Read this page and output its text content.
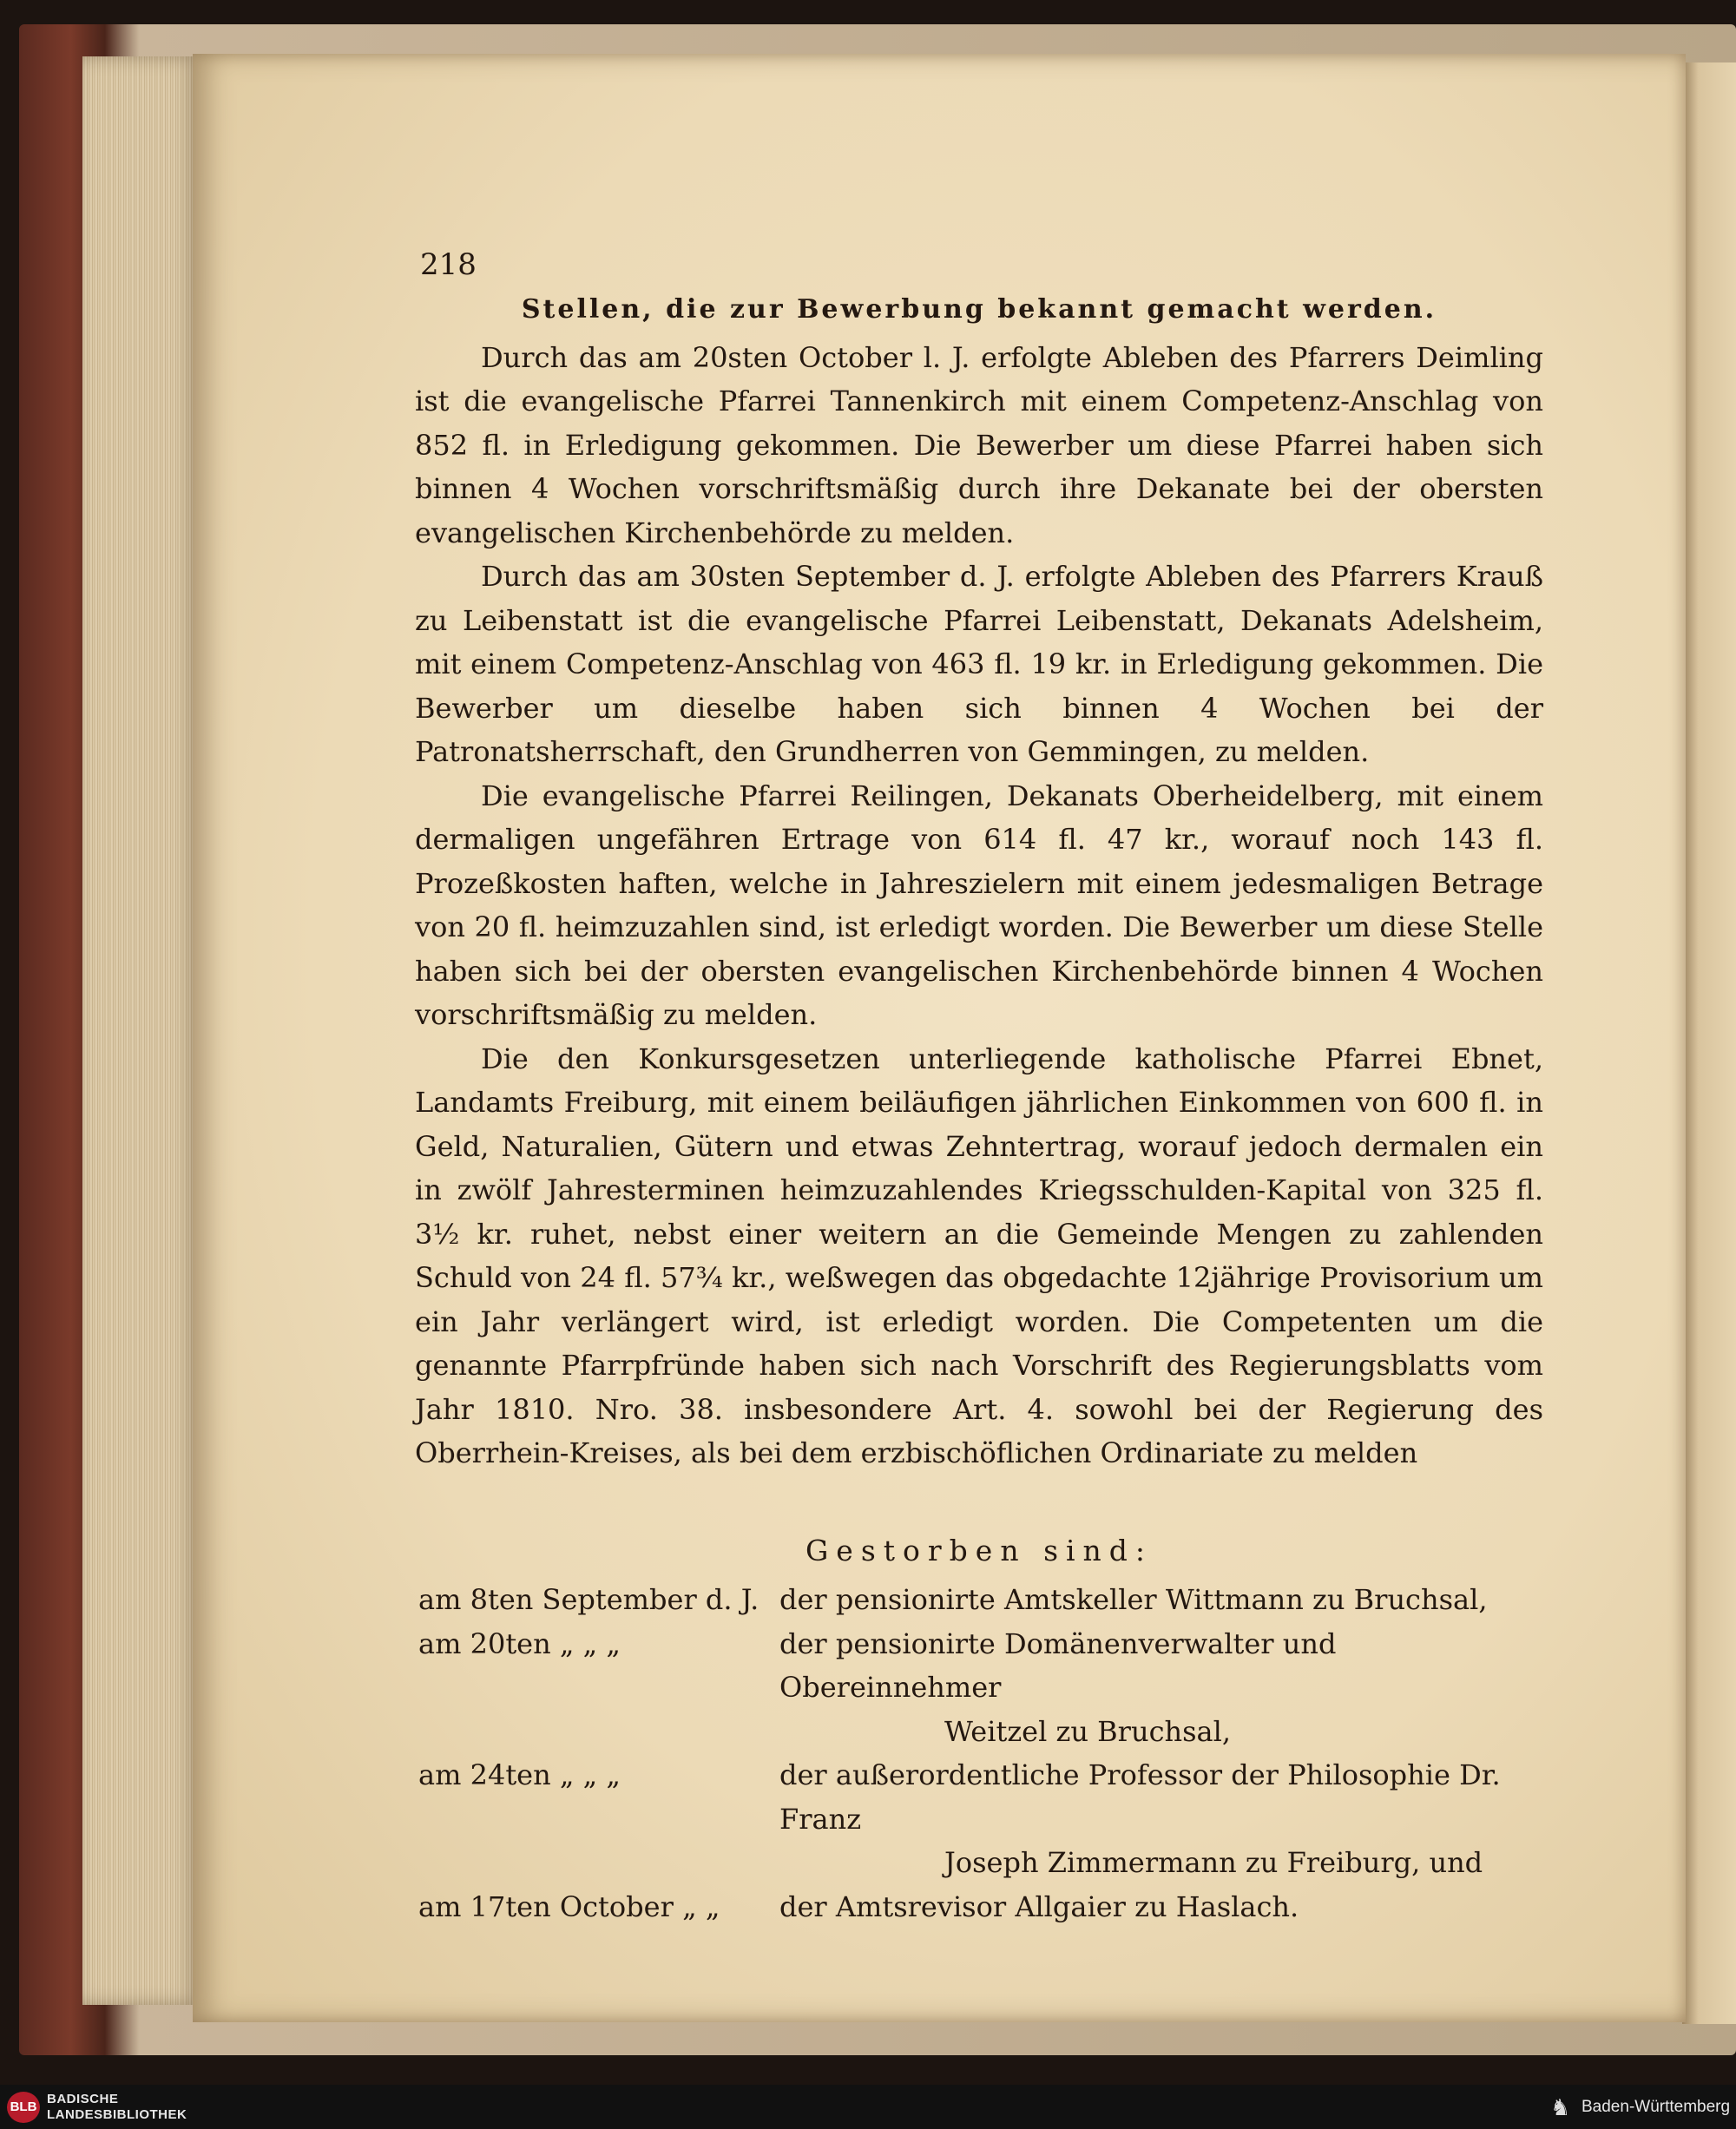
218
Stellen, die zur Bewerbung bekannt gemacht werden.

Durch das am 20sten October l. J. erfolgte Ableben des Pfarrers Deimling ist die evangelische Pfarrei Tannenkirch mit einem Competenz-Anschlag von 852 fl. in Erledigung gekommen. Die Bewerber um diese Pfarrei haben sich binnen 4 Wochen vorschriftsmäßig durch ihre Dekanate bei der obersten evangelischen Kirchenbehörde zu melden.

Durch das am 30sten September d. J. erfolgte Ableben des Pfarrers Krauß zu Leibenstatt ist die evangelische Pfarrei Leibenstatt, Dekanats Adelsheim, mit einem Competenz-Anschlag von 463 fl. 19 kr. in Erledigung gekommen. Die Bewerber um dieselbe haben sich binnen 4 Wochen bei der Patronatsherrschaft, den Grundherren von Gemmingen, zu melden.

Die evangelische Pfarrei Reilingen, Dekanats Oberheidelberg, mit einem dermaligen ungefähren Ertrage von 614 fl. 47 kr., worauf noch 143 fl. Prozeßkosten haften, welche in Jahreszielern mit einem jedesmaligen Betrage von 20 fl. heimzuzahlen sind, ist erledigt worden. Die Bewerber um diese Stelle haben sich bei der obersten evangelischen Kirchenbehörde binnen 4 Wochen vorschriftsmäßig zu melden.

Die den Konkursgesetzen unterliegende katholische Pfarrei Ebnet, Landamts Freiburg, mit einem beiläufigen jährlichen Einkommen von 600 fl. in Geld, Naturalien, Gütern und etwas Zehntertrag, worauf jedoch dermalen ein in zwölf Jahresterminen heimzuzahlendes Kriegsschulden-Kapital von 325 fl. 3½ kr. ruhet, nebst einer weitern an die Gemeinde Mengen zu zahlenden Schuld von 24 fl. 57¾ kr., weßwegen das obgedachte 12jährige Provisorium um ein Jahr verlängert wird, ist erledigt worden. Die Competenten um die genannte Pfarrpfründe haben sich nach Vorschrift des Regierungsblatts vom Jahr 1810. Nro. 38. insbesondere Art. 4. sowohl bei der Regierung des Oberrhein-Kreises, als bei dem erzbischöflichen Ordinariate zu melden

Gestorben sind:
am 8ten September d. J. der pensionirte Amtskeller Wittmann zu Bruchsal,
am 20ten „ „ „	der pensionirte Domänenverwalter und Obereinnehmer
Weitzel zu Bruchsal,
am 24ten „ „ „	der außerordentliche Professor der Philosophie Dr. Franz
Joseph Zimmermann zu Freiburg, und
am 17ten October „ „	der Amtsrevisor Allgaier zu Haslach.
BLB
BADISCHE
LANDESBIBLIOTHEK	♞ Baden-Württemberg
